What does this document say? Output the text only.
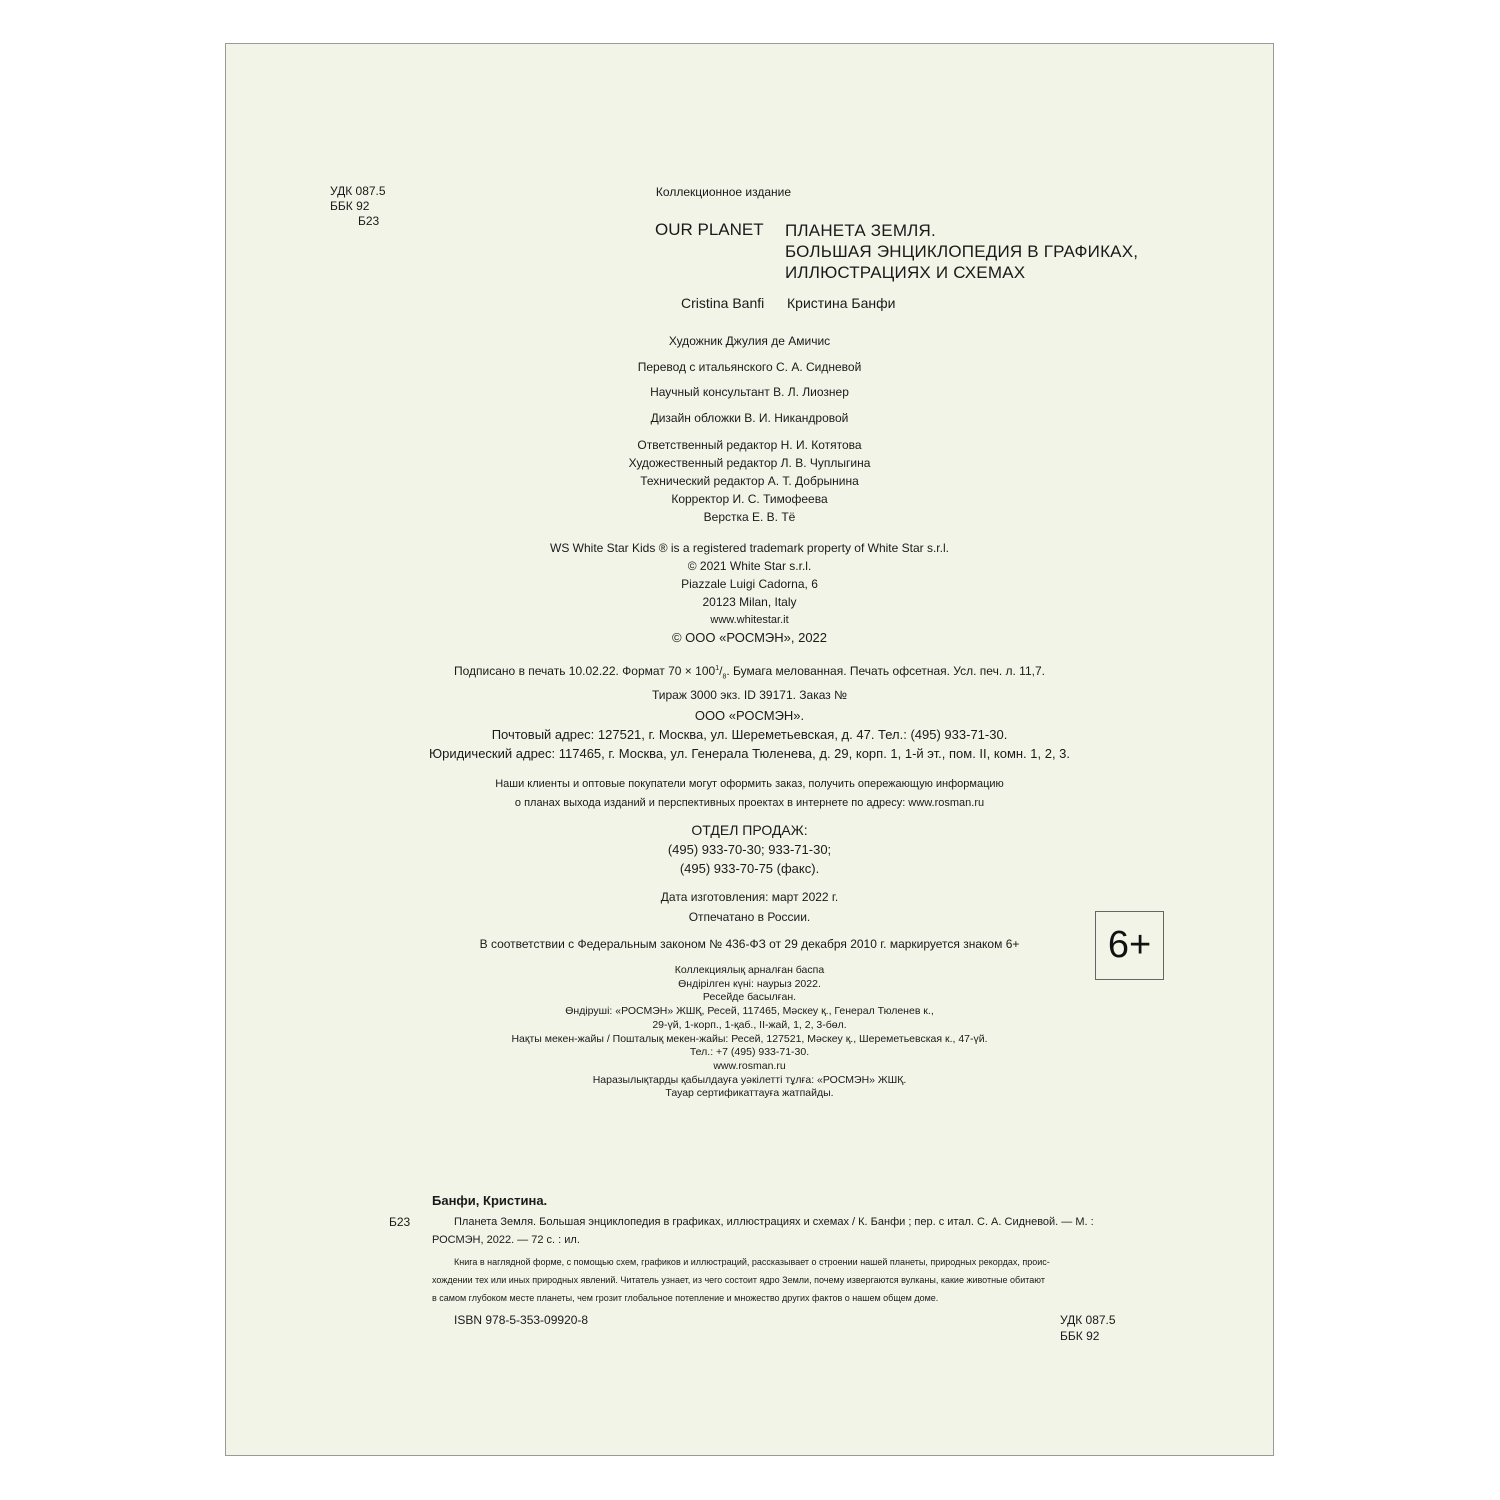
УДК 087.5
ББК 92
Б23
Коллекционное издание
OUR PLANET ПЛАНЕТА ЗЕМЛЯ.
БОЛЬШАЯ ЭНЦИКЛОПЕДИЯ В ГРАФИКАХ,
ИЛЛЮСТРАЦИЯХ И СХЕМАХ
Cristina Banfi Кристина Банфи
Художник Джулия де Амичис
Перевод с итальянского С. А. Сидневой
Научный консультант В. Л. Лиознер
Дизайн обложки В. И. Никандровой
Ответственный редактор Н. И. Котятова
Художественный редактор Л. В. Чуплыгина
Технический редактор А. Т. Добрынина
Корректор И. С. Тимофеева
Верстка Е. В. Тё
WS White Star Kids ® is a registered trademark property of White Star s.r.l.
© 2021 White Star s.r.l.
Piazzale Luigi Cadorna, 6
20123 Milan, Italy
www.whitestar.it
© ООО «РОСМЭН», 2022
Подписано в печать 10.02.22. Формат $70 \times 100^1/_8$. Бумага мелованная. Печать офсетная. Усл. печ. л. 11,7.
Тираж 3000 экз. ID 39171. Заказ №
ООО «РОСМЭН».
Почтовый адрес: 127521, г. Москва, ул. Шереметьевская, д. 47. Тел.: (495) 933-71-30.
Юридический адрес: 117465, г. Москва, ул. Генерала Тюленева, д. 29, корп. 1, 1-й эт., пом. II, комн. 1, 2, 3.
Наши клиенты и оптовые покупатели могут оформить заказ, получить опережающую информацию
о планах выхода изданий и перспективных проектах в интернете по адресу: www.rosman.ru
ОТДЕЛ ПРОДАЖ:
(495) 933-70-30; 933-71-30;
(495) 933-70-75 (факс).
Дата изготовления: март 2022 г.
Отпечатано в России.
В соответствии с Федеральным законом № 436-ФЗ от 29 декабря 2010 г. маркируется знаком 6+	6+
Коллекциялық арналған баспа
Өндірілген күні: наурыз 2022.
Ресейде басылған.
Өндіруші: «РОСМЭН» ЖШҚ, Ресей, 117465, Мәскеу қ., Генерал Тюленев к.,
29-үй, 1-корп., 1-қаб., II-жай, 1, 2, 3-бөл.
Нақты мекен-жайы / Пошталық мекен-жайы: Ресей, 127521, Мәскеу қ., Шереметьевская к., 47-үй.
Тел.: +7 (495) 933-71-30.
www.rosman.ru
Наразылықтарды қабылдауға уәкілетті тұлға: «РОСМЭН» ЖШҚ.
Тауар сертификаттауға жатпайды.
Банфи, Кристина.
Б23	Планета Земля. Большая энциклопедия в графиках, иллюстрациях и схемах / К. Банфи ; пер. с итал. С. А. Сидневой. — М. :
РОСМЭН, 2022. — 72 с. : ил.
Книга в наглядной форме, с помощью схем, графиков и иллюстраций, рассказывает о строении нашей планеты, природных рекордах, проис-
хождении тех или иных природных явлений. Читатель узнает, из чего состоит ядро Земли, почему извергаются вулканы, какие животные обитают
в самом глубоком месте планеты, чем грозит глобальное потепление и множество других фактов о нашем общем доме.
ISBN 978-5-353-09920-8	УДК 087.5
ББК 92
